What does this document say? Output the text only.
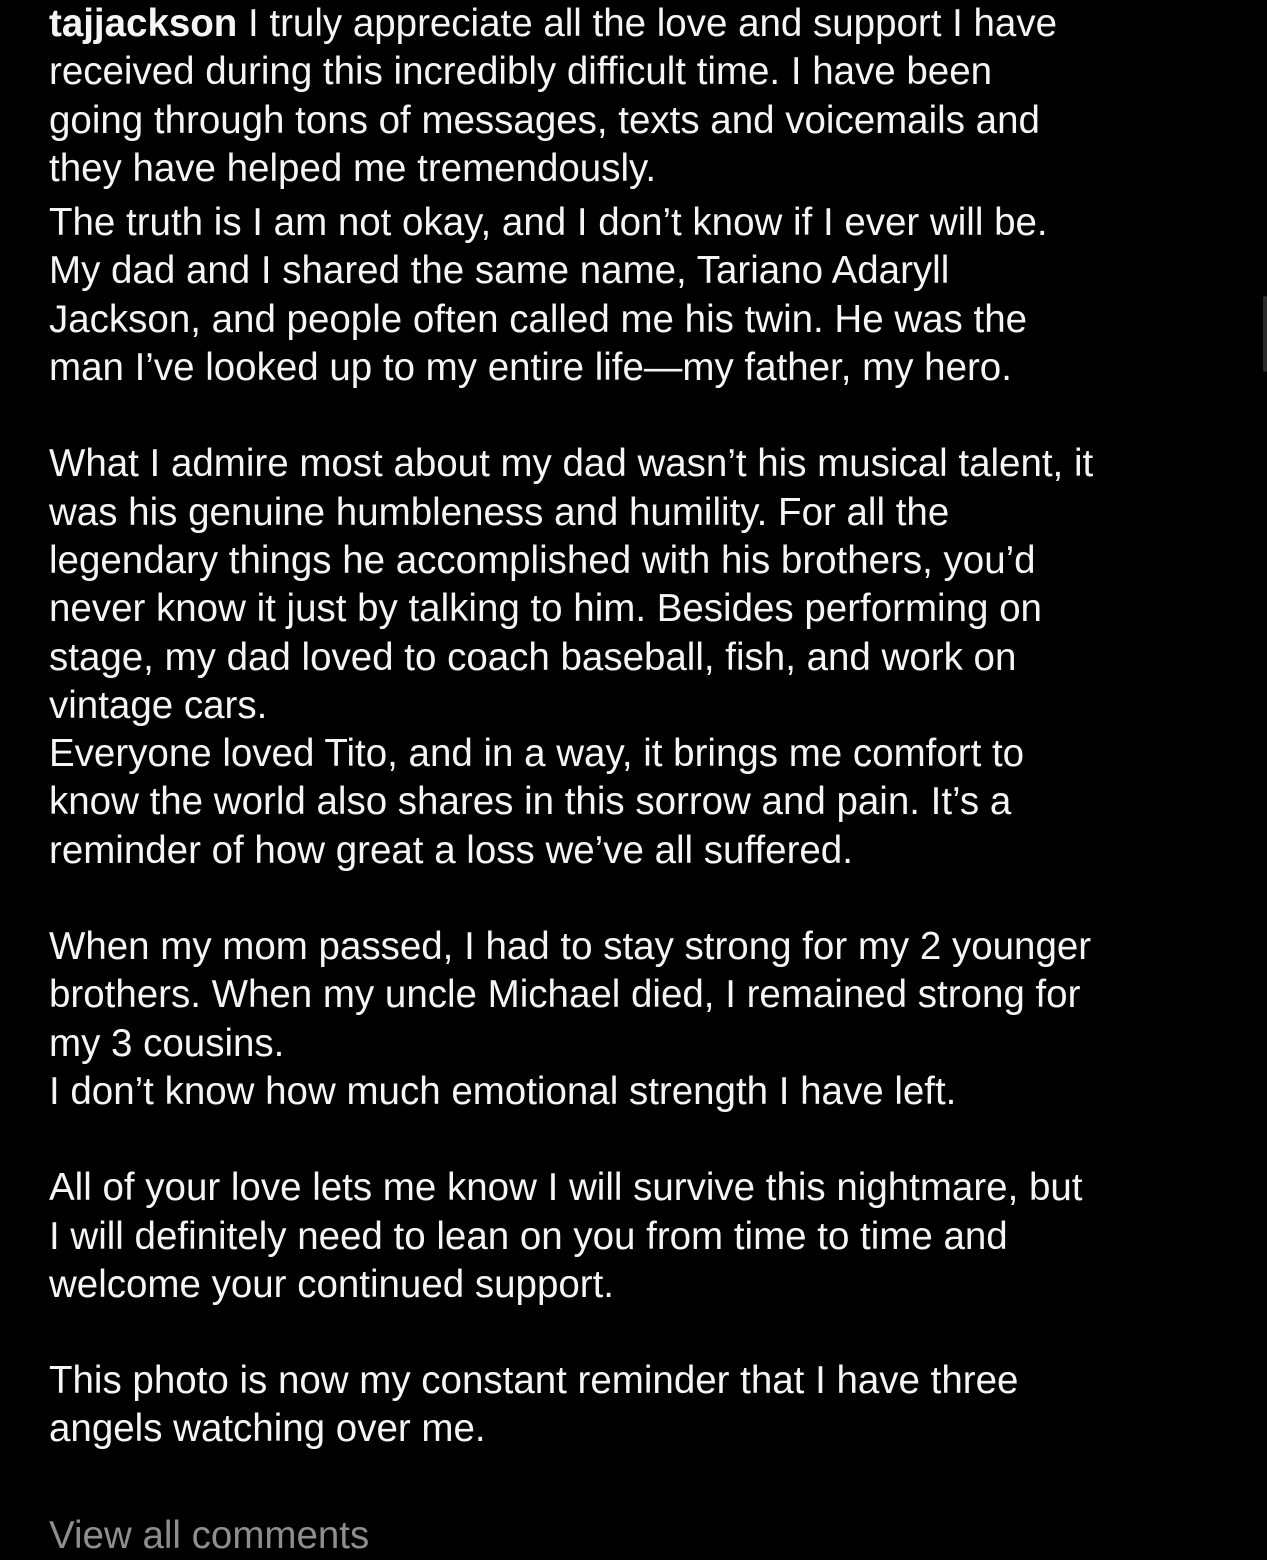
tajjackson I truly appreciate all the love and support I have
received during this incredibly difficult time. I have been
going through tons of messages, texts and voicemails and
they have helped me tremendously.

The truth is I am not okay, and I don’t know if I ever will be.
My dad and I shared the same name, Tariano Adaryll
Jackson, and people often called me his twin. He was the
man I’ve looked up to my entire life—my father, my hero.

What I admire most about my dad wasn’t his musical talent, it
was his genuine humbleness and humility. For all the
legendary things he accomplished with his brothers, you’d
never know it just by talking to him. Besides performing on
stage, my dad loved to coach baseball, fish, and work on
vintage cars.
Everyone loved Tito, and in a way, it brings me comfort to
know the world also shares in this sorrow and pain. It’s a
reminder of how great a loss we’ve all suffered.

When my mom passed, I had to stay strong for my 2 younger
brothers. When my uncle Michael died, I remained strong for
my 3 cousins.
I don’t know how much emotional strength I have left.

All of your love lets me know I will survive this nightmare, but
I will definitely need to lean on you from time to time and
welcome your continued support.

This photo is now my constant reminder that I have three
angels watching over me.

View all comments
